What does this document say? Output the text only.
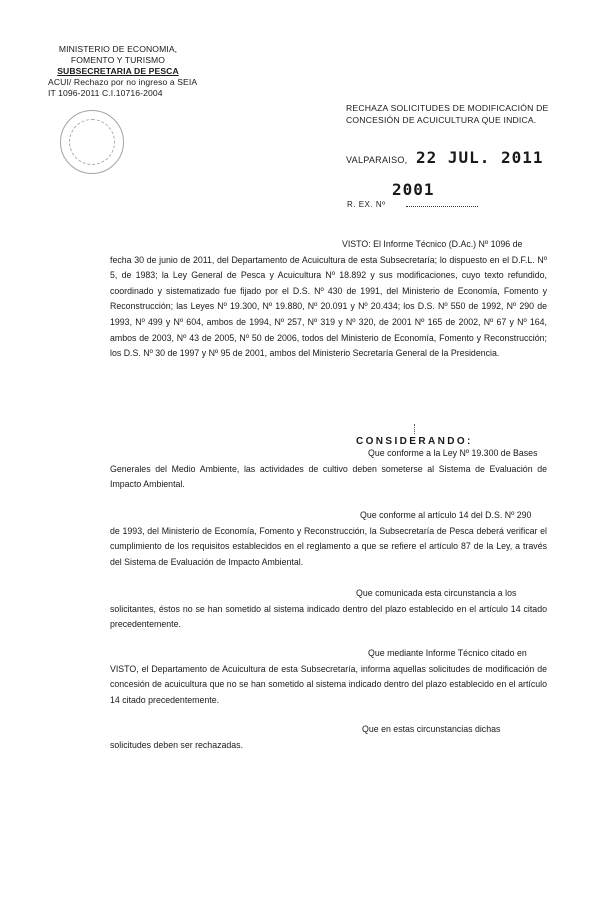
MINISTERIO DE ECONOMIA,
FOMENTO Y TURISMO
SUBSECRETARIA DE PESCA
ACUI/ Rechazo por no ingreso a SEIA
IT 1096-2011 C.I.10716-2004
RECHAZA SOLICITUDES DE MODIFICACIÓN DE CONCESIÓN DE ACUICULTURA QUE INDICA.
VALPARAISO, 22 JUL. 2011
2001
R. EX. Nº

VISTO: El Informe Técnico (D.Ac.) Nº 1096 de

fecha 30 de junio de 2011, del Departamento de Acuicultura de esta Subsecretaría; lo dispuesto en el D.F.L. Nº 5, de 1983; la Ley General de Pesca y Acuicultura Nº 18.892 y sus modificaciones, cuyo texto refundido, coordinado y sistematizado fue fijado por el D.S. Nº 430 de 1991, del Ministerio de Economía, Fomento y Reconstrucción; las Leyes Nº 19.300, Nº 19.880, Nº 20.091 y Nº 20.434; los D.S. Nº 550 de 1992, Nº 290 de 1993, Nº 499 y Nº 604, ambos de 1994, Nº 257, Nº 319 y Nº 320, de 2001 Nº 165 de 2002, Nº 67 y Nº 164, ambos de 2003, Nº 43 de 2005, Nº 50 de 2006, todos del Ministerio de Economía, Fomento y Reconstrucción; los D.S. Nº 30 de 1997 y Nº 95 de 2001, ambos del Ministerio Secretaría General de la Presidencia.

CONSIDERANDO:

Que conforme a la Ley Nº 19.300 de Bases

Generales del Medio Ambiente, las actividades de cultivo deben someterse al Sistema de Evaluación de Impacto Ambiental.

Que conforme al artículo 14 del D.S. Nº 290

de 1993, del Ministerio de Economía, Fomento y Reconstrucción, la Subsecretaría de Pesca deberá verificar el cumplimiento de los requisitos establecidos en el reglamento a que se refiere el artículo 87 de la Ley, a través del Sistema de Evaluación de Impacto Ambiental.

Que comunicada esta circunstancia a los

solicitantes, éstos no se han sometido al sistema indicado dentro del plazo establecido en el artículo 14 citado precedentemente.

Que mediante Informe Técnico citado en

VISTO, el Departamento de Acuicultura de esta Subsecretaría, informa aquellas solicitudes de modificación de concesión de acuicultura que no se han sometido al sistema indicado dentro del plazo establecido en el artículo 14 citado precedentemente.

Que en estas circunstancias dichas

solicitudes deben ser rechazadas.
